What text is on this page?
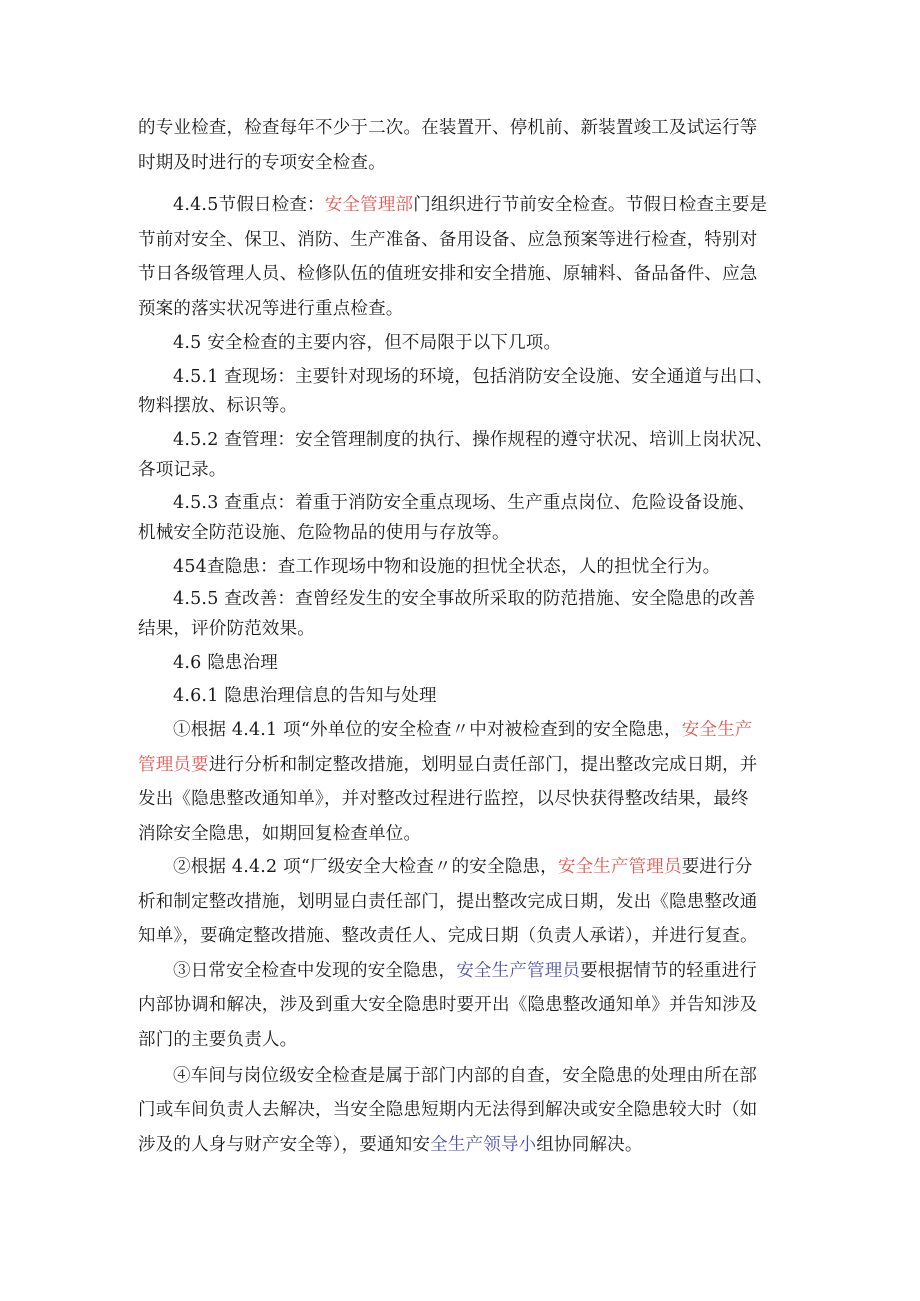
的专业检查，检查每年不少于二次。在装置开、停机前、新装置竣工及试运行等
时期及时进行的专项安全检查。
4.4.5节假日检查：安全管理部门组织进行节前安全检查。节假日检查主要是
节前对安全、保卫、消防、生产准备、备用设备、应急预案等进行检查，特别对
节日各级管理人员、检修队伍的值班安排和安全措施、原辅料、备品备件、应急
预案的落实状况等进行重点检查。
4.5 安全检查的主要内容，但不局限于以下几项。
4.5.1 查现场：主要针对现场的环境，包括消防安全设施、安全通道与出口、
物料摆放、标识等。
4.5.2 查管理：安全管理制度的执行、操作规程的遵守状况、培训上岗状况、
各项记录。
4.5.3 查重点：着重于消防安全重点现场、生产重点岗位、危险设备设施、
机械安全防范设施、危险物品的使用与存放等。
454查隐患：查工作现场中物和设施的担忧全状态，人的担忧全行为。
4.5.5 查改善：查曾经发生的安全事故所采取的防范措施、安全隐患的改善
结果，评价防范效果。
4.6 隐患治理
4.6.1 隐患治理信息的告知与处理
①根据 4.4.1 项“外单位的安全检查〃中对被检查到的安全隐患，安全生产
管理员要进行分析和制定整改措施，划明显白责任部门，提出整改完成日期，并
发出《隐患整改通知单》，并对整改过程进行监控，以尽快获得整改结果，最终
消除安全隐患，如期回复检查单位。
②根据 4.4.2 项“厂级安全大检查〃的安全隐患，安全生产管理员要进行分
析和制定整改措施，划明显白责任部门，提出整改完成日期，发出《隐患整改通
知单》，要确定整改措施、整改责任人、完成日期（负责人承诺），并进行复查。
③日常安全检查中发现的安全隐患，安全生产管理员要根据情节的轻重进行
内部协调和解决，涉及到重大安全隐患时要开出《隐患整改通知单》并告知涉及
部门的主要负责人。
④车间与岗位级安全检查是属于部门内部的自查，安全隐患的处理由所在部
门或车间负责人去解决，当安全隐患短期内无法得到解决或安全隐患较大时（如
涉及的人身与财产安全等），要通知安全生产领导小组协同解决。
